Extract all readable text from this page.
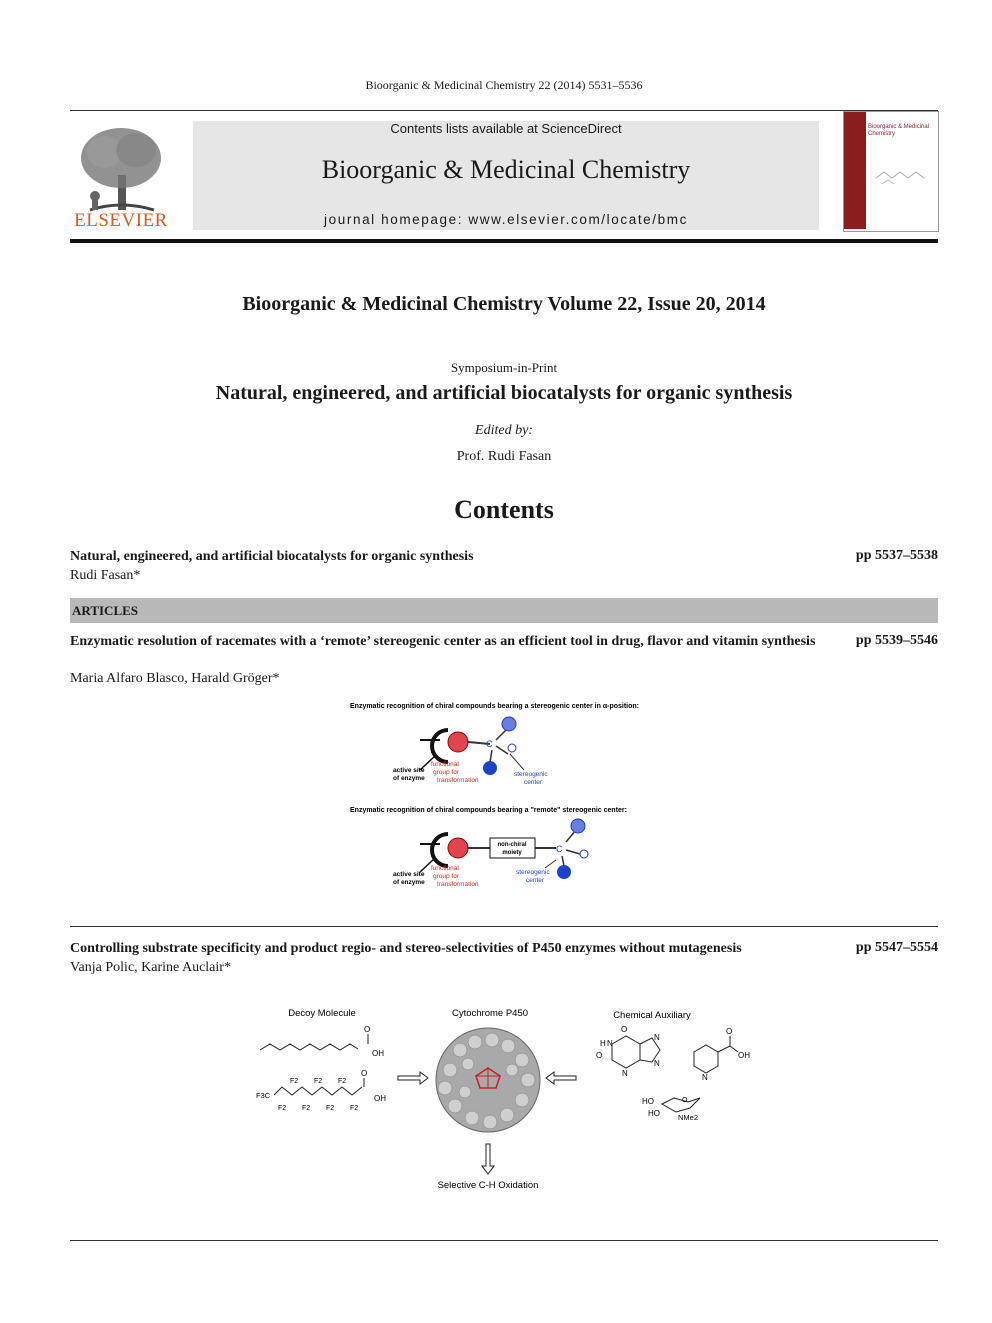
Bioorganic & Medicinal Chemistry 22 (2014) 5531–5536
ELSEVIER
Contents lists available at ScienceDirect
Bioorganic & Medicinal Chemistry
journal homepage: www.elsevier.com/locate/bmc
Bioorganic & Medicinal Chemistry
Bioorganic & Medicinal Chemistry Volume 22, Issue 20, 2014
Symposium-in-Print
Natural, engineered, and artificial biocatalysts for organic synthesis
Edited by:
Prof. Rudi Fasan
Contents
Natural, engineered, and artificial biocatalysts for organic synthesis	pp 5537–5538
Rudi Fasan*
ARTICLES
Enzymatic resolution of racemates with a ‘remote’ stereogenic center as an efficient tool in drug, flavor and vitamin synthesis	pp 5539–5546
Maria Alfaro Blasco, Harald Gröger*
Enzymatic recognition of chiral compounds bearing a stereogenic center in α-position:
C
active site
of enzyme
functional
group for
transformation
stereogenic
center
Enzymatic recognition of chiral compounds bearing a "remote" stereogenic center:
non-chiral
moiety	C
active site
of enzyme
functional
group for
transformation
stereogenic
center
Controlling substrate specificity and product regio- and stereo-selectivities of P450 enzymes without mutagenesis	pp 5547–5554
Vanja Polic, Karine Auclair*
Decoy Molecule	Cytochrome P450	Chemical Auxiliary
O
OH
F3C
F2
F2
F2
F2
F2
F2 F2
O
OH
Selective C-H Oxidation
O
O
H N
N
N
N
O
OH
N
HO
HO
O
NMe2
